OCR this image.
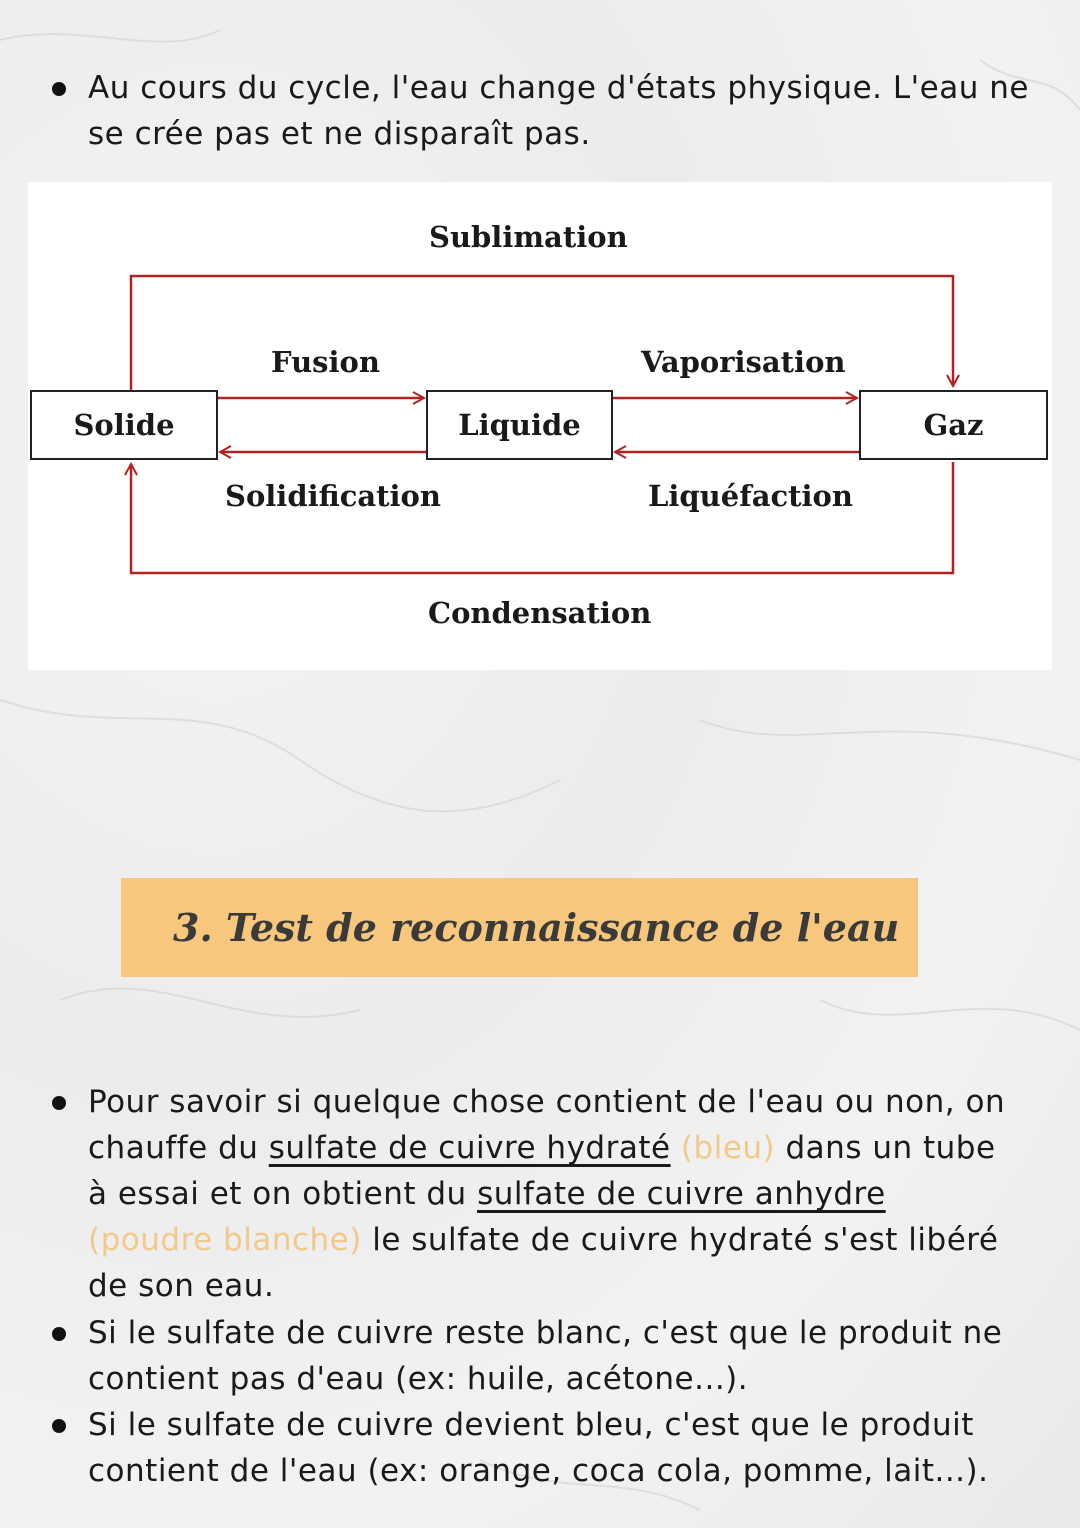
Au cours du cycle, l'eau change d'états physique. L'eau ne
se crée pas et ne disparaît pas.
Solide	Liquide	Gaz
Sublimation
Fusion	Vaporisation
Solidification	Liquéfaction
Condensation
3. Test de reconnaissance de l'eau
Pour savoir si quelque chose contient de l'eau ou non, on
chauffe du sulfate de cuivre hydraté (bleu) dans un tube
à essai et on obtient du sulfate de cuivre anhydre
(poudre blanche) le sulfate de cuivre hydraté s'est libéré
de son eau.
Si le sulfate de cuivre reste blanc, c'est que le produit ne
contient pas d'eau (ex: huile, acétone...).
Si le sulfate de cuivre devient bleu, c'est que le produit
contient de l'eau (ex: orange, coca cola, pomme, lait...).
